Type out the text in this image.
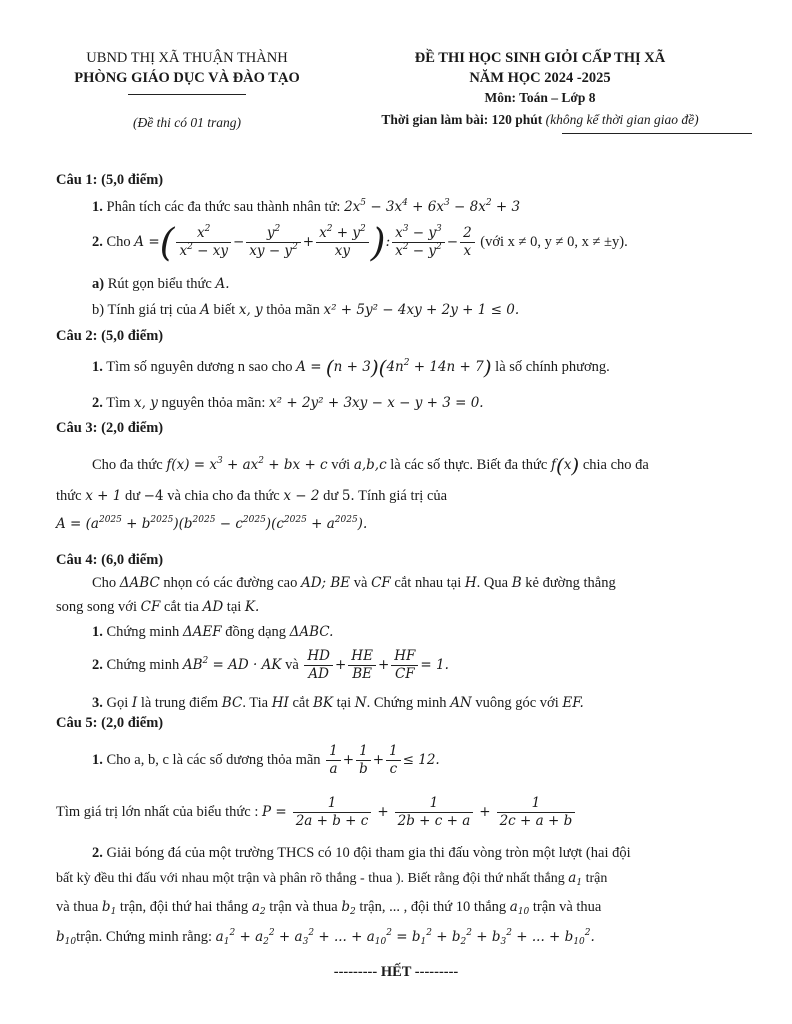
UBND THỊ XÃ THUẬN THÀNH
PHÒNG GIÁO DỤC VÀ ĐÀO TẠO
(Đề thi có 01 trang)
ĐỀ THI HỌC SINH GIỎI CẤP THỊ XÃ
NĂM HỌC 2024 -2025
Môn: Toán – Lớp 8
Thời gian làm bài: 120 phút (không kể thời gian giao đề)
Câu 1: (5,0 điểm)
1. Phân tích các đa thức sau thành nhân tử: $2x^5 - 3x^4 + 6x^3 - 8x^2 + 3$
2. Cho A =( $\frac{x^2}{x^2 - xy} - \frac{y^2}{xy - y^2} + \frac{x^2 + y^2}{xy}$ ): $\frac{x^3 - y^3}{x^2 - y^2} - \frac{2}{x}$ (với x ≠ 0, y ≠ 0, x ≠ ±y).
a) Rút gọn biểu thức A.
b) Tính giá trị của A biết x, y thỏa mãn x² + 5y² − 4xy + 2y + 1 ≤ 0.
Câu 2: (5,0 điểm)
1. Tìm số nguyên dương n sao cho $A = (n + 3)(4n^2 + 14n + 7)$ là số chính phương.
2. Tìm x, y nguyên thỏa mãn: x² + 2y² + 3xy − x − y + 3 = 0.
Câu 3: (2,0 điểm)
Cho đa thức $f(x) = x^3 + ax^2$ + bx + c với a,b,c là các số thực. Biết đa thức f(x) chia cho đa
thức x + 1 dư −4 và chia cho đa thức x − 2 dư 5. Tính giá trị của
$A = (a^{2025} + b^{2025})(b^{2025} - c^{2025})(c^{2025} + a^{2025})$.
Câu 4: (6,0 điểm)
Cho ΔABC nhọn có các đường cao AD; BE và CF cắt nhau tại H. Qua B kẻ đường thẳng
song song với CF cắt tia AD tại K.
1. Chứng minh ΔAEF đồng dạng ΔABC.
2. Chứng minh $AB^2$ = AD · AK và $\frac{HD}{AD} + \frac{HE}{BE} + \frac{HF}{CF} = 1$.
3. Gọi I là trung điểm BC. Tia HI cắt BK tại N. Chứng minh AN vuông góc với EF.
Câu 5: (2,0 điểm)
1. Cho a, b, c là các số dương thỏa mãn $\frac{1}{a} + \frac{1}{b} + \frac{1}{c} \le 12$.
Tìm giá trị lớn nhất của biểu thức : $P = \frac{1}{2a + b + c} + \frac{1}{2b + c + a} + \frac{1}{2c + a + b}$
2. Giải bóng đá của một trường THCS có 10 đội tham gia thi đấu vòng tròn một lượt (hai đội
bất kỳ đều thi đấu với nhau một trận và phân rõ thắng - thua ). Biết rằng đội thứ nhất thắng $a_1$ trận
và thua $b_1$ trận, đội thứ hai thắng $a_2$ trận và thua $b_2$ trận, ... , đội thứ 10 thắng $a_{10}$ trận và thua
$b_{10}trận$. Chứng minh rằng: $a_1^2 + a_2^2 + a_3^2$ + ... + $a_{10}^2 = b_1^2 + b_2^2 + b_3^2$ + ... + $b_{10}^2$.
--------- HẾT ---------
